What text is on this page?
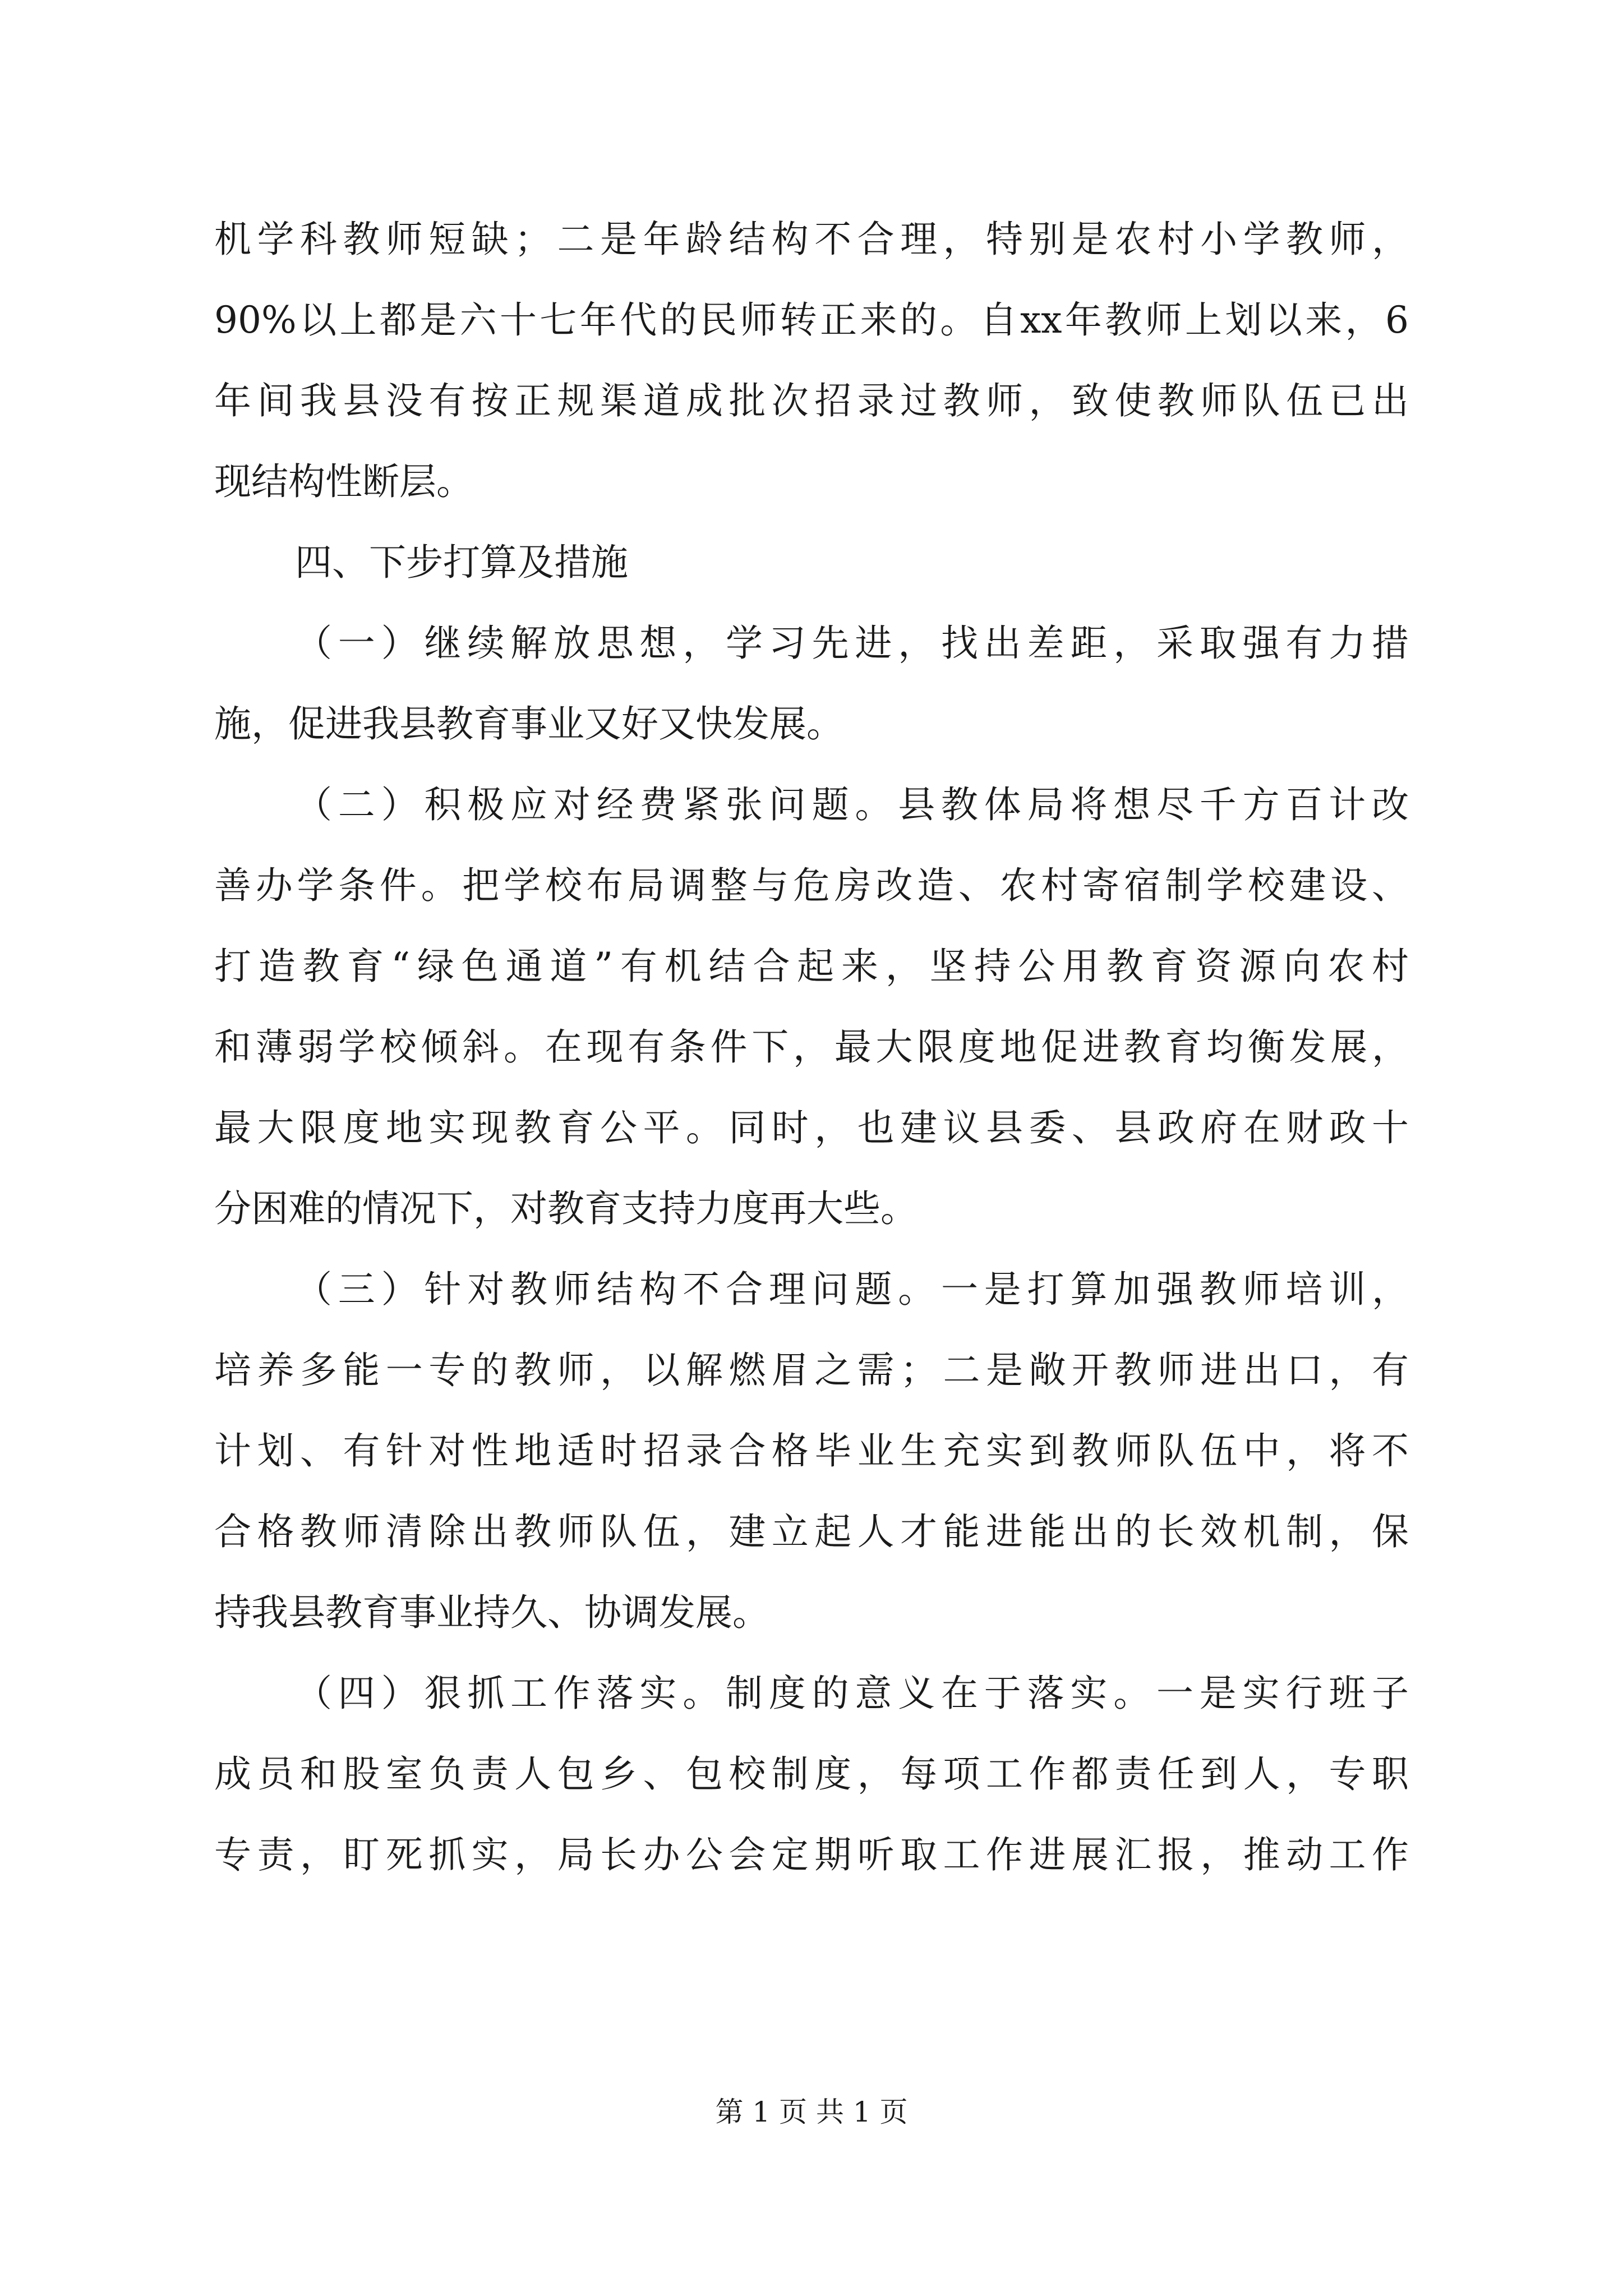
机学科教师短缺；二是年龄结构不合理，特别是农村小学教师，
90%以上都是六十七年代的民师转正来的。自xx年教师上划以来，6
年间我县没有按正规渠道成批次招录过教师，致使教师队伍已出
现结构性断层。
四、下步打算及措施
（一）继续解放思想，学习先进，找出差距，采取强有力措
施，促进我县教育事业又好又快发展。
（二）积极应对经费紧张问题。县教体局将想尽千方百计改
善办学条件。把学校布局调整与危房改造、农村寄宿制学校建设、
打造教育“绿色通道”有机结合起来，坚持公用教育资源向农村
和薄弱学校倾斜。在现有条件下，最大限度地促进教育均衡发展，
最大限度地实现教育公平。同时，也建议县委、县政府在财政十
分困难的情况下，对教育支持力度再大些。
（三）针对教师结构不合理问题。一是打算加强教师培训，
培养多能一专的教师，以解燃眉之需；二是敞开教师进出口，有
计划、有针对性地适时招录合格毕业生充实到教师队伍中，将不
合格教师清除出教师队伍，建立起人才能进能出的长效机制，保
持我县教育事业持久、协调发展。
（四）狠抓工作落实。制度的意义在于落实。一是实行班子
成员和股室负责人包乡、包校制度，每项工作都责任到人，专职
专责，盯死抓实，局长办公会定期听取工作进展汇报，推动工作
第 1 页 共 1 页
